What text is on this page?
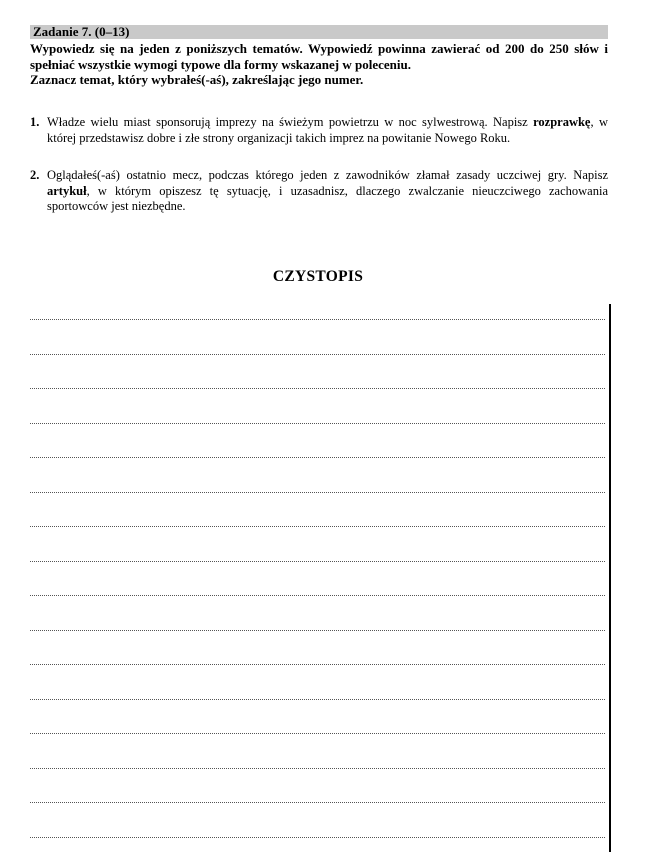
Zadanie 7. (0–13)

Wypowiedz się na jeden z poniższych tematów. Wypowiedź powinna zawierać od 200 do 250 słów i spełniać wszystkie wymogi typowe dla formy wskazanej w poleceniu.

Zaznacz temat, który wybrałeś(-aś), zakreślając jego numer.

1. Władze wielu miast sponsorują imprezy na świeżym powietrzu w noc sylwestrową. Napisz rozprawkę, w której przedstawisz dobre i złe strony organizacji takich imprez na powitanie Nowego Roku.
2. Oglądałeś(-aś) ostatnio mecz, podczas którego jeden z zawodników złamał zasady uczciwej gry. Napisz artykuł, w którym opiszesz tę sytuację, i uzasadnisz, dlaczego zwalczanie nieuczciwego zachowania sportowców jest niezbędne.
CZYSTOPIS
